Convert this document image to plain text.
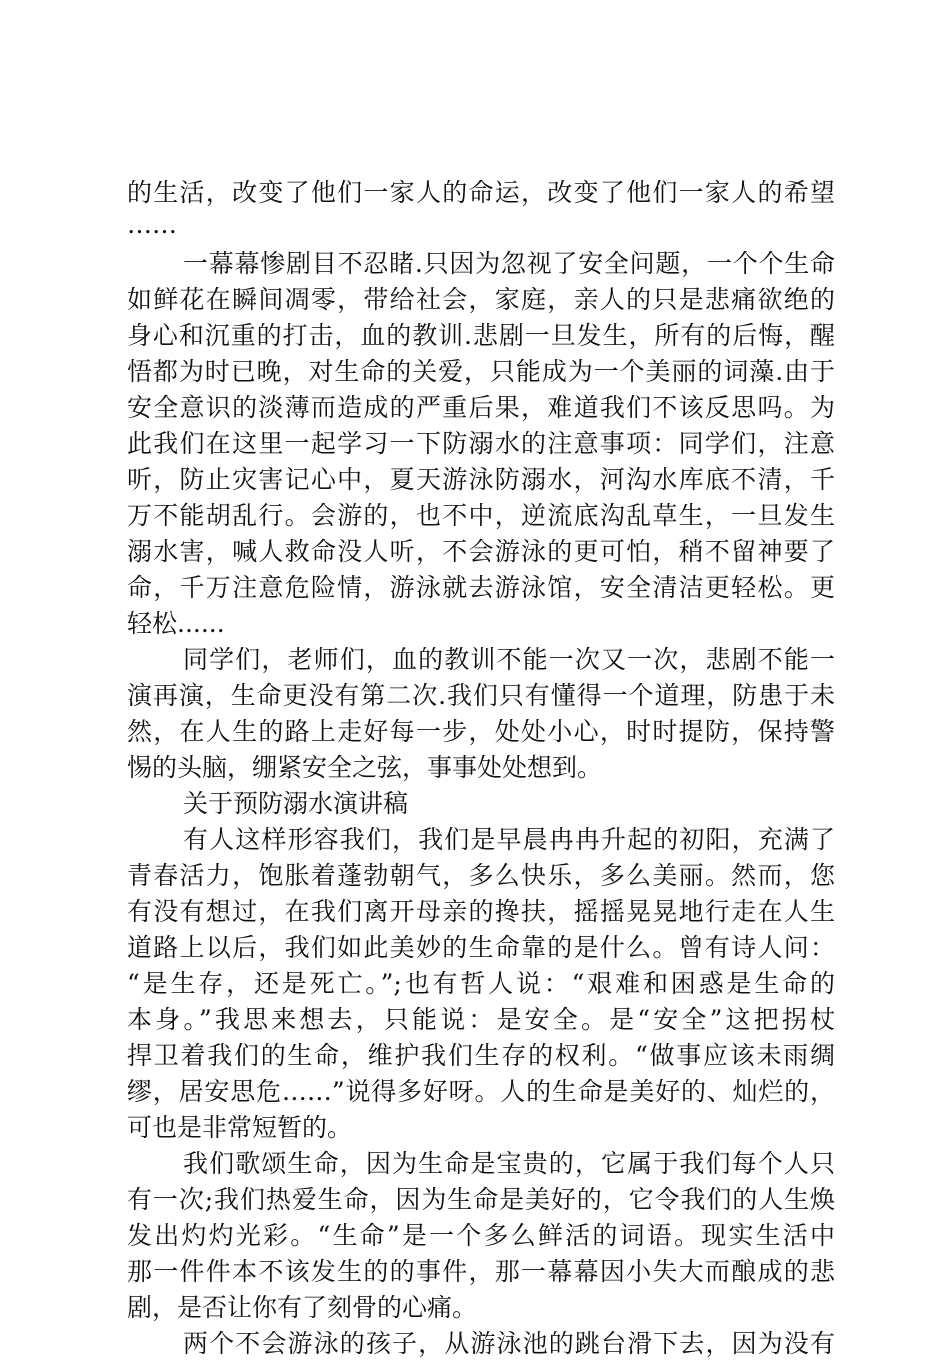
的生活，改变了他们一家人的命运，改变了他们一家人的希望
……
一幕幕惨剧目不忍睹.只因为忽视了安全问题，一个个生命
如鲜花在瞬间凋零，带给社会，家庭，亲人的只是悲痛欲绝的
身心和沉重的打击，血的教训.悲剧一旦发生，所有的后悔，醒
悟都为时已晚，对生命的关爱，只能成为一个美丽的词藻.由于
安全意识的淡薄而造成的严重后果，难道我们不该反思吗。为
此我们在这里一起学习一下防溺水的注意事项：同学们，注意
听，防止灾害记心中，夏天游泳防溺水，河沟水库底不清，千
万不能胡乱行。会游的，也不中，逆流底沟乱草生，一旦发生
溺水害，喊人救命没人听，不会游泳的更可怕，稍不留神要了
命，千万注意危险情，游泳就去游泳馆，安全清洁更轻松。更
轻松......
同学们，老师们，血的教训不能一次又一次，悲剧不能一
演再演，生命更没有第二次.我们只有懂得一个道理，防患于未
然，在人生的路上走好每一步，处处小心，时时提防，保持警
惕的头脑，绷紧安全之弦，事事处处想到。
关于预防溺水演讲稿
有人这样形容我们，我们是早晨冉冉升起的初阳，充满了
青春活力，饱胀着蓬勃朝气，多么快乐，多么美丽。然而，您
有没有想过，在我们离开母亲的搀扶，摇摇晃晃地行走在人生
道路上以后，我们如此美妙的生命靠的是什么。曾有诗人问：
“是生存，还是死亡。”;也有哲人说：“艰难和困惑是生命的
本身。”我思来想去，只能说：是安全。是“安全”这把拐杖
捍卫着我们的生命，维护我们生存的权利。“做事应该未雨绸
缪，居安思危……”说得多好呀。人的生命是美好的、灿烂的，
可也是非常短暂的。
我们歌颂生命，因为生命是宝贵的，它属于我们每个人只
有一次;我们热爱生命，因为生命是美好的，它令我们的人生焕
发出灼灼光彩。“生命”是一个多么鲜活的词语。现实生活中
那一件件本不该发生的的事件，那一幕幕因小失大而酿成的悲
剧，是否让你有了刻骨的心痛。
两个不会游泳的孩子，从游泳池的跳台滑下去，因为没有
